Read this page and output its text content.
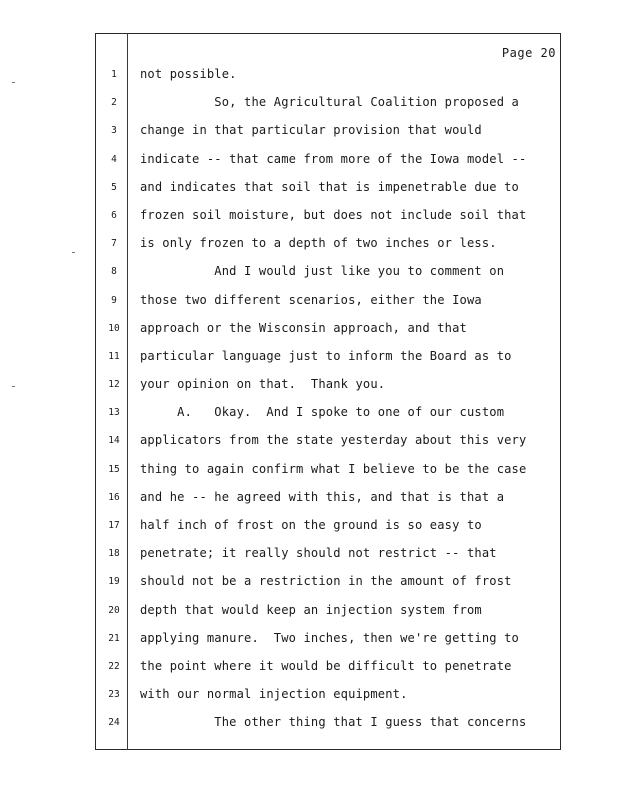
Page 20
1	not possible.
2	So, the Agricultural Coalition proposed a
3	change in that particular provision that would
4	indicate -- that came from more of the Iowa model --
5	and indicates that soil that is impenetrable due to
6	frozen soil moisture, but does not include soil that
7	is only frozen to a depth of two inches or less.
8	And I would just like you to comment on
9	those two different scenarios, either the Iowa
10	approach or the Wisconsin approach, and that
11	particular language just to inform the Board as to
12	your opinion on that.  Thank you.
13	A.   Okay.  And I spoke to one of our custom
14	applicators from the state yesterday about this very
15	thing to again confirm what I believe to be the case
16	and he -- he agreed with this, and that is that a
17	half inch of frost on the ground is so easy to
18	penetrate; it really should not restrict -- that
19	should not be a restriction in the amount of frost
20	depth that would keep an injection system from
21	applying manure.  Two inches, then we're getting to
22	the point where it would be difficult to penetrate
23	with our normal injection equipment.
24	The other thing that I guess that concerns
